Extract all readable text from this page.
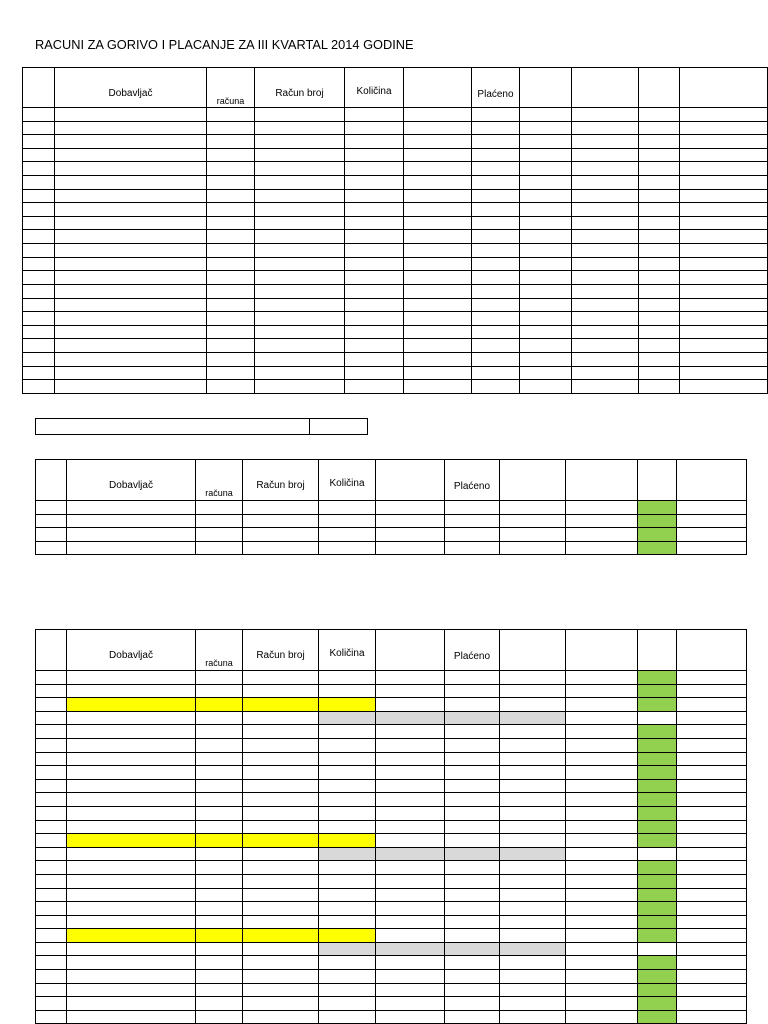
RACUNI ZA GORIVO I PLACANJE ZA III KVARTAL 2014 GODINE

	Dobavljač	računa	Račun broj	Količina		Plaćeno				

	Dobavljač	računa	Račun broj	Količina		Plaćeno				

	Dobavljač	računa	Račun broj	Količina		Plaćeno				
